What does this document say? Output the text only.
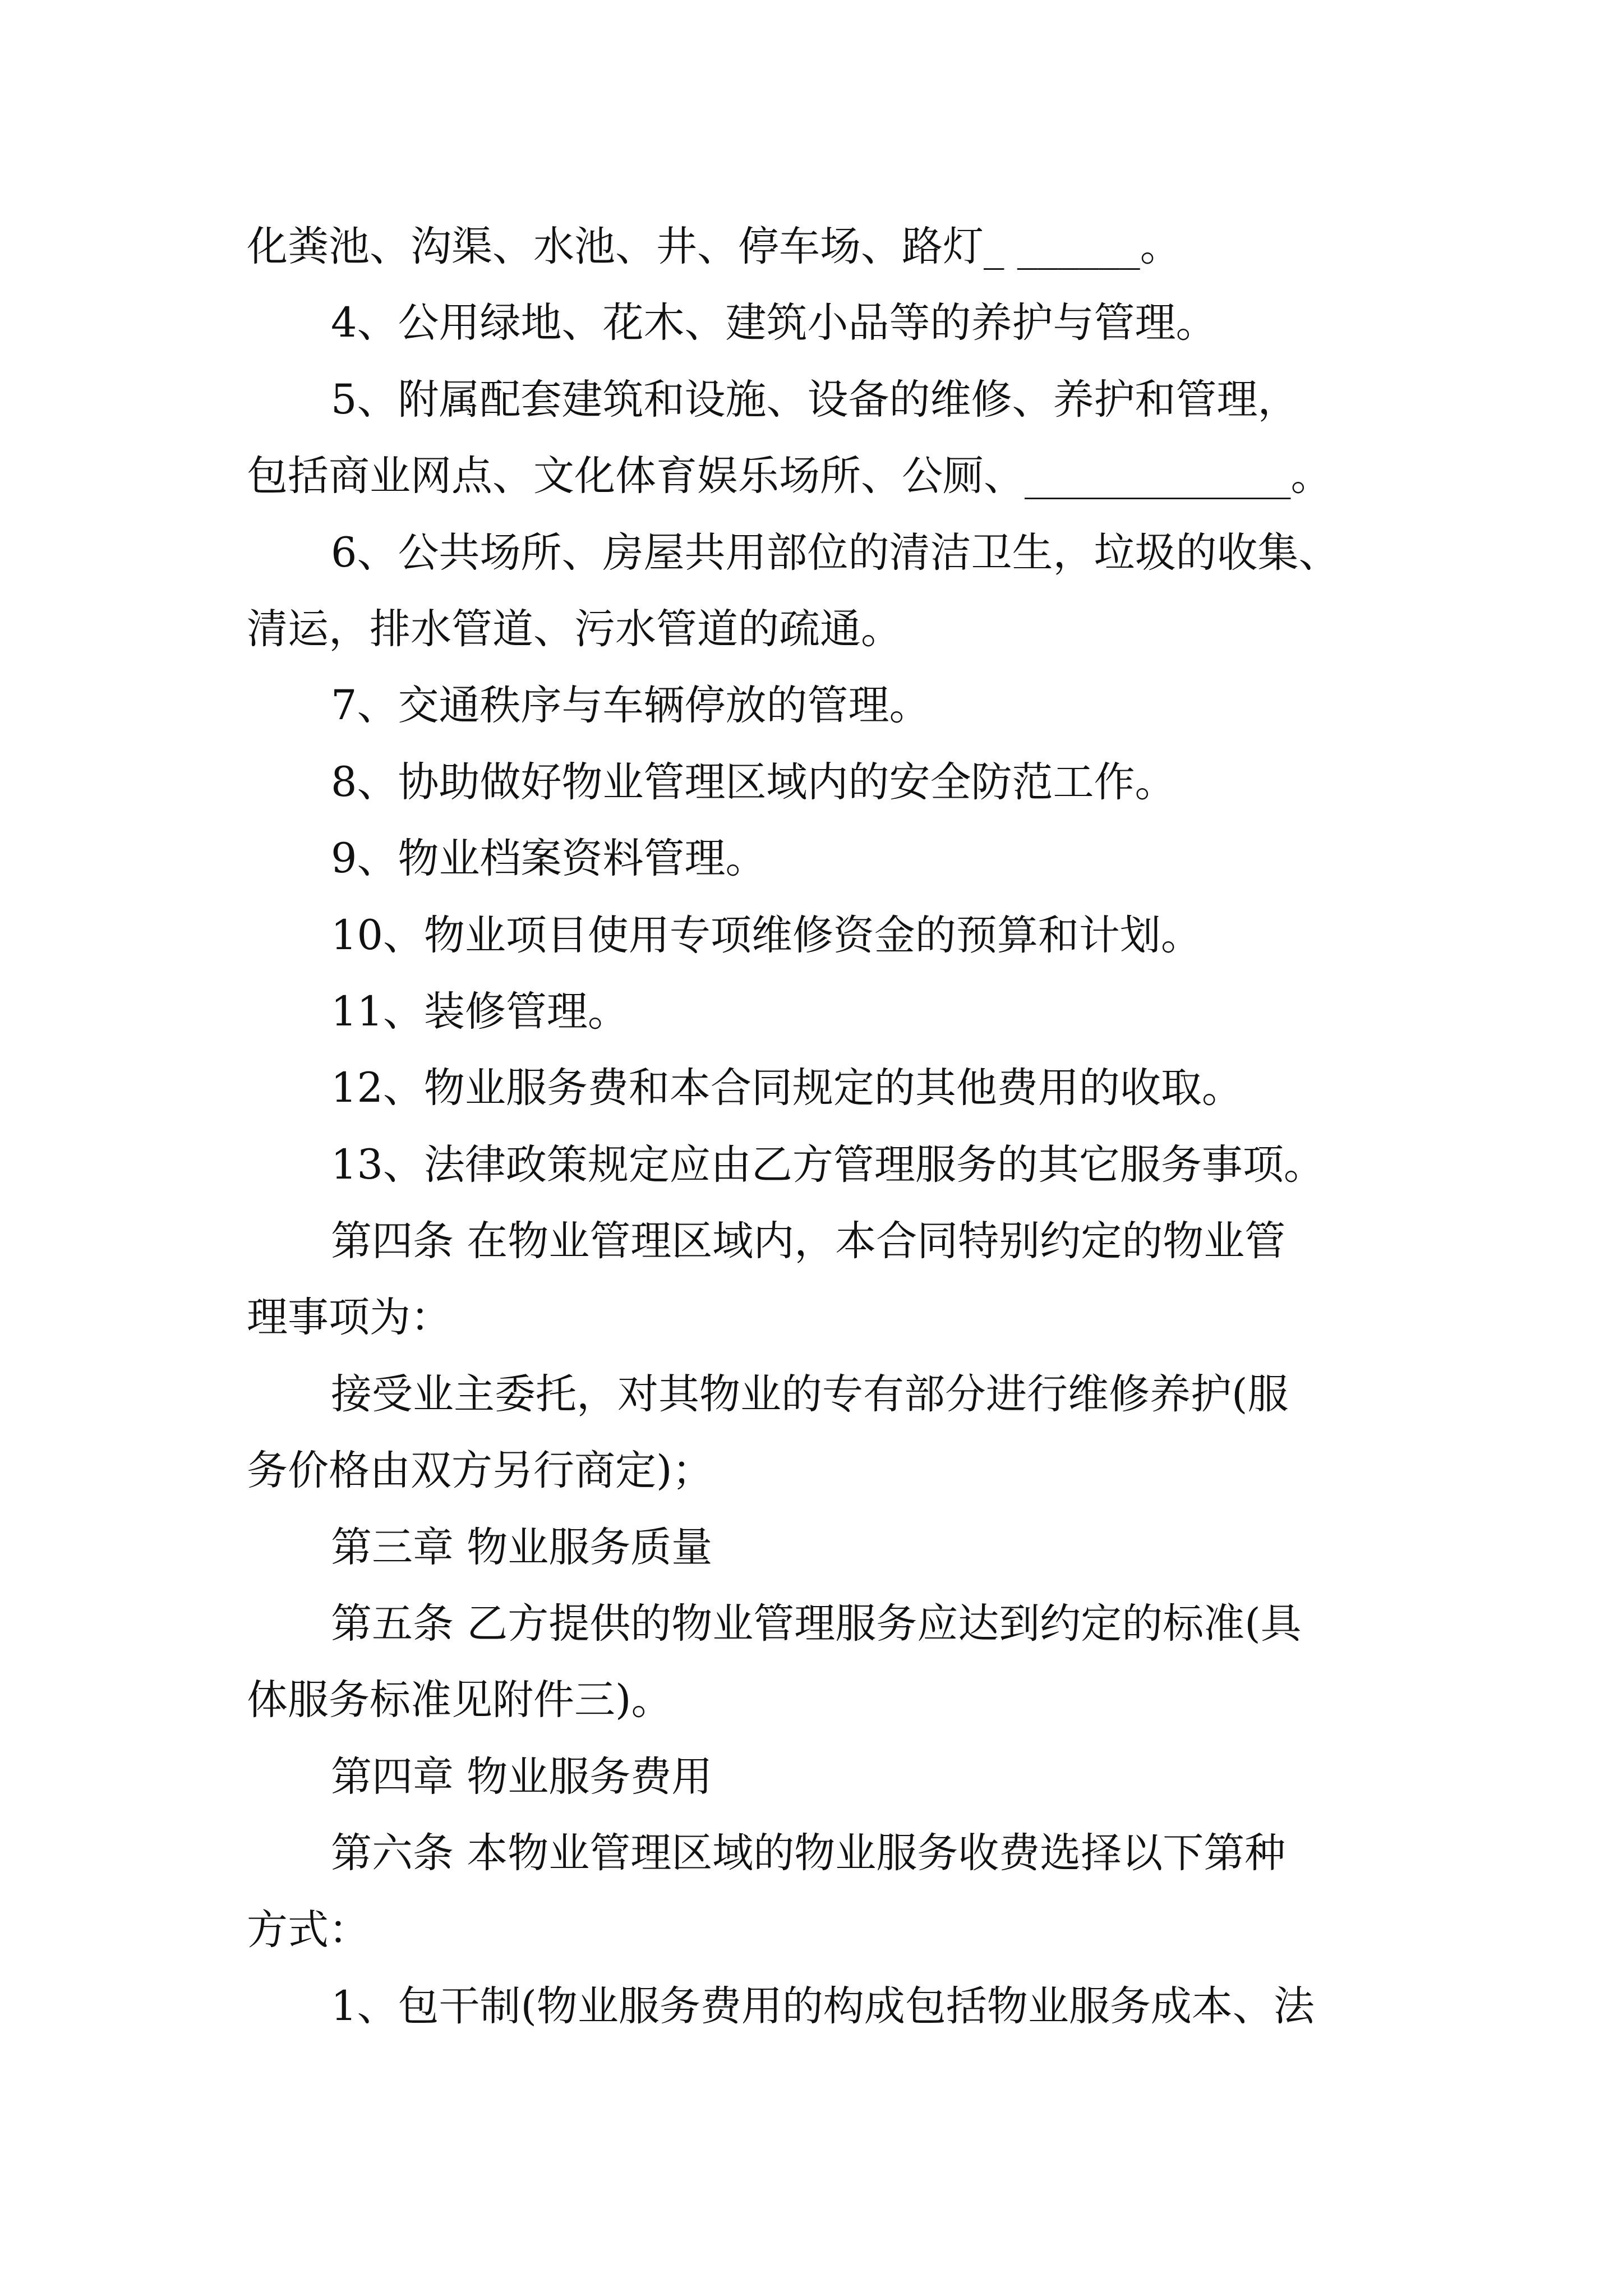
化粪池、沟渠、水池、井、停车场、路灯_ ______。
4、公用绿地、花木、建筑小品等的养护与管理。
5、附属配套建筑和设施、设备的维修、养护和管理，
包括商业网点、文化体育娱乐场所、公厕、_____________。
6、公共场所、房屋共用部位的清洁卫生，垃圾的收集、
清运，排水管道、污水管道的疏通。
7、交通秩序与车辆停放的管理。
8、协助做好物业管理区域内的安全防范工作。
9、物业档案资料管理。
10、物业项目使用专项维修资金的预算和计划。
11、装修管理。
12、物业服务费和本合同规定的其他费用的收取。
13、法律政策规定应由乙方管理服务的其它服务事项。
第四条 在物业管理区域内，本合同特别约定的物业管
理事项为：
接受业主委托，对其物业的专有部分进行维修养护(服
务价格由双方另行商定)；
第三章 物业服务质量
第五条 乙方提供的物业管理服务应达到约定的标准(具
体服务标准见附件三)。
第四章 物业服务费用
第六条 本物业管理区域的物业服务收费选择以下第种
方式：
1、包干制(物业服务费用的构成包括物业服务成本、法
